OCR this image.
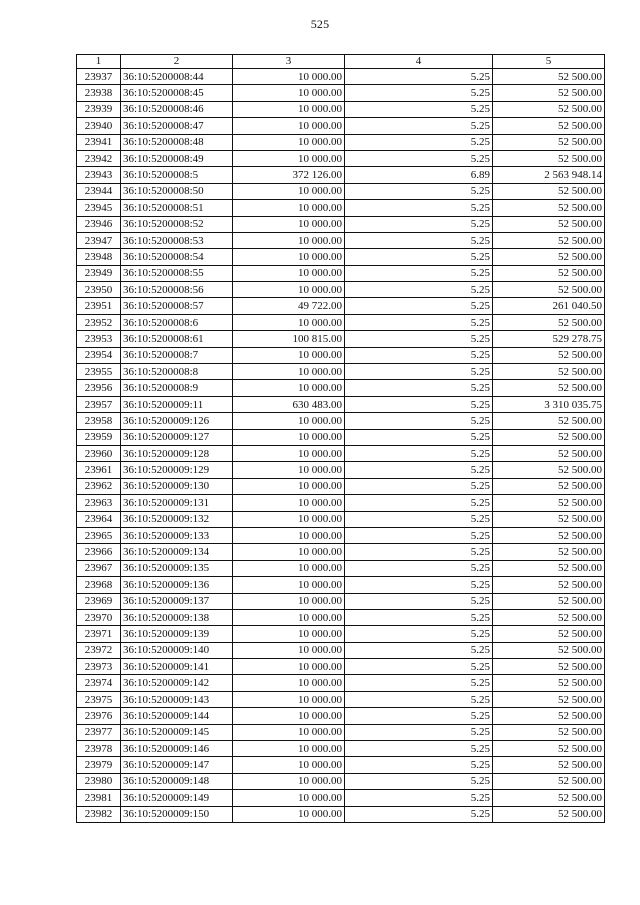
525
1	2	3	4	5
23937	36:10:5200008:44	10 000.00	5.25	52 500.00
23938	36:10:5200008:45	10 000.00	5.25	52 500.00
23939	36:10:5200008:46	10 000.00	5.25	52 500.00
23940	36:10:5200008:47	10 000.00	5.25	52 500.00
23941	36:10:5200008:48	10 000.00	5.25	52 500.00
23942	36:10:5200008:49	10 000.00	5.25	52 500.00
23943	36:10:5200008:5	372 126.00	6.89	2 563 948.14
23944	36:10:5200008:50	10 000.00	5.25	52 500.00
23945	36:10:5200008:51	10 000.00	5.25	52 500.00
23946	36:10:5200008:52	10 000.00	5.25	52 500.00
23947	36:10:5200008:53	10 000.00	5.25	52 500.00
23948	36:10:5200008:54	10 000.00	5.25	52 500.00
23949	36:10:5200008:55	10 000.00	5.25	52 500.00
23950	36:10:5200008:56	10 000.00	5.25	52 500.00
23951	36:10:5200008:57	49 722.00	5.25	261 040.50
23952	36:10:5200008:6	10 000.00	5.25	52 500.00
23953	36:10:5200008:61	100 815.00	5.25	529 278.75
23954	36:10:5200008:7	10 000.00	5.25	52 500.00
23955	36:10:5200008:8	10 000.00	5.25	52 500.00
23956	36:10:5200008:9	10 000.00	5.25	52 500.00
23957	36:10:5200009:11	630 483.00	5.25	3 310 035.75
23958	36:10:5200009:126	10 000.00	5.25	52 500.00
23959	36:10:5200009:127	10 000.00	5.25	52 500.00
23960	36:10:5200009:128	10 000.00	5.25	52 500.00
23961	36:10:5200009:129	10 000.00	5.25	52 500.00
23962	36:10:5200009:130	10 000.00	5.25	52 500.00
23963	36:10:5200009:131	10 000.00	5.25	52 500.00
23964	36:10:5200009:132	10 000.00	5.25	52 500.00
23965	36:10:5200009:133	10 000.00	5.25	52 500.00
23966	36:10:5200009:134	10 000.00	5.25	52 500.00
23967	36:10:5200009:135	10 000.00	5.25	52 500.00
23968	36:10:5200009:136	10 000.00	5.25	52 500.00
23969	36:10:5200009:137	10 000.00	5.25	52 500.00
23970	36:10:5200009:138	10 000.00	5.25	52 500.00
23971	36:10:5200009:139	10 000.00	5.25	52 500.00
23972	36:10:5200009:140	10 000.00	5.25	52 500.00
23973	36:10:5200009:141	10 000.00	5.25	52 500.00
23974	36:10:5200009:142	10 000.00	5.25	52 500.00
23975	36:10:5200009:143	10 000.00	5.25	52 500.00
23976	36:10:5200009:144	10 000.00	5.25	52 500.00
23977	36:10:5200009:145	10 000.00	5.25	52 500.00
23978	36:10:5200009:146	10 000.00	5.25	52 500.00
23979	36:10:5200009:147	10 000.00	5.25	52 500.00
23980	36:10:5200009:148	10 000.00	5.25	52 500.00
23981	36:10:5200009:149	10 000.00	5.25	52 500.00
23982	36:10:5200009:150	10 000.00	5.25	52 500.00
